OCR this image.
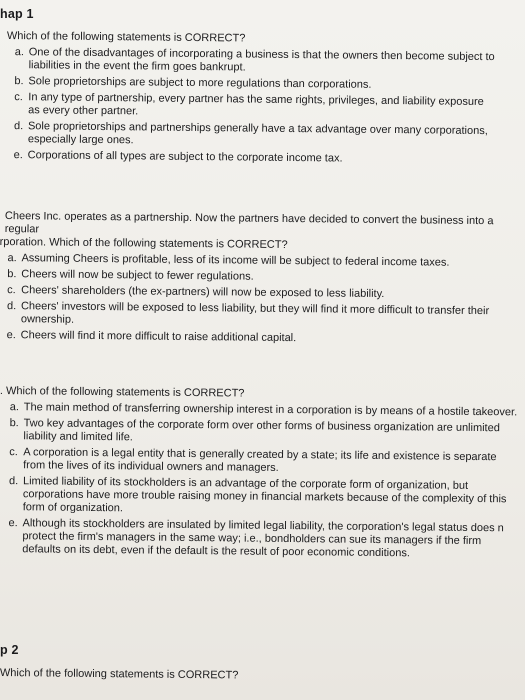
hap 1
Which of the following statements is CORRECT?
a. One of the disadvantages of incorporating a business is that the owners then become subject to liabilities in the event the firm goes bankrupt.
b. Sole proprietorships are subject to more regulations than corporations.
c. In any type of partnership, every partner has the same rights, privileges, and liability exposure as every other partner.
d. Sole proprietorships and partnerships generally have a tax advantage over many corporations, especially large ones.
e. Corporations of all types are subject to the corporate income tax.
Cheers Inc. operates as a partnership. Now the partners have decided to convert the business into a regular
rporation. Which of the following statements is CORRECT?
a. Assuming Cheers is profitable, less of its income will be subject to federal income taxes.
b. Cheers will now be subject to fewer regulations.
c. Cheers' shareholders (the ex-partners) will now be exposed to less liability.
d. Cheers' investors will be exposed to less liability, but they will find it more difficult to transfer their ownership.
e. Cheers will find it more difficult to raise additional capital.
. Which of the following statements is CORRECT?
a. The main method of transferring ownership interest in a corporation is by means of a hostile takeover.
b. Two key advantages of the corporate form over other forms of business organization are unlimited liability and limited life.
c. A corporation is a legal entity that is generally created by a state; its life and existence is separate from the lives of its individual owners and managers.
d. Limited liability of its stockholders is an advantage of the corporate form of organization, but corporations have more trouble raising money in financial markets because of the complexity of this form of organization.
e. Although its stockholders are insulated by limited legal liability, the corporation's legal status does n protect the firm's managers in the same way; i.e., bondholders can sue its managers if the firm defaults on its debt, even if the default is the result of poor economic conditions.
p 2
Which of the following statements is CORRECT?
